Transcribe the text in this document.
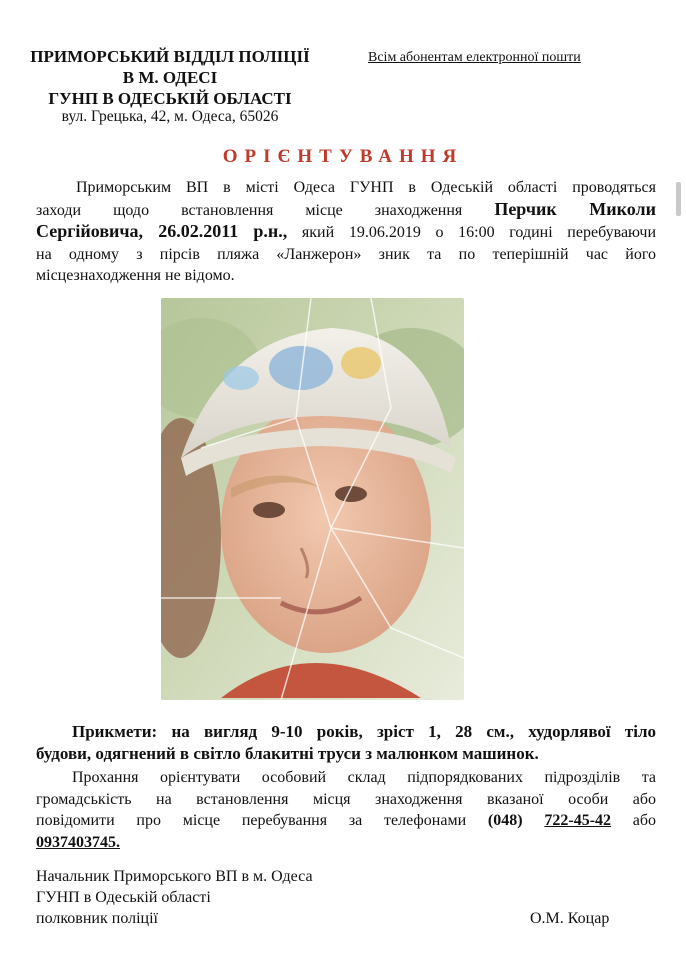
ПРИМОРСЬКИЙ ВІДДІЛ ПОЛІЦІЇ
В М. ОДЕСІ
ГУНП В ОДЕСЬКІЙ ОБЛАСТІ
вул. Грецька, 42, м. Одеса, 65026
Всім абонентам електронної пошти
ОРІЄНТУВАННЯ
Приморським ВП в місті Одеса ГУНП в Одеській області проводяться
заходи щодо встановлення місце знаходження Перчик Миколи
Сергійовича, 26.02.2011 р.н., який 19.06.2019 о 16:00 годині перебуваючи
на одному з пірсів пляжа «Ланжерон» зник та по теперішній час його
місцезнаходження не відомо.
Прикмети: на вигляд 9-10 років, зріст 1, 28 см., худорлявої тіло
будови, одягнений в світло блакитні труси з малюнком машинок.
Прохання орієнтувати особовий склад підпорядкованих підрозділів та
громадськість на встановлення місця знаходження вказаної особи або
повідомити про місце перебування за телефонами (048) 722-45-42 або
0937403745.
Начальник Приморського ВП в м. Одеса
ГУНП в Одеській області
полковник поліції	О.М. Коцар
